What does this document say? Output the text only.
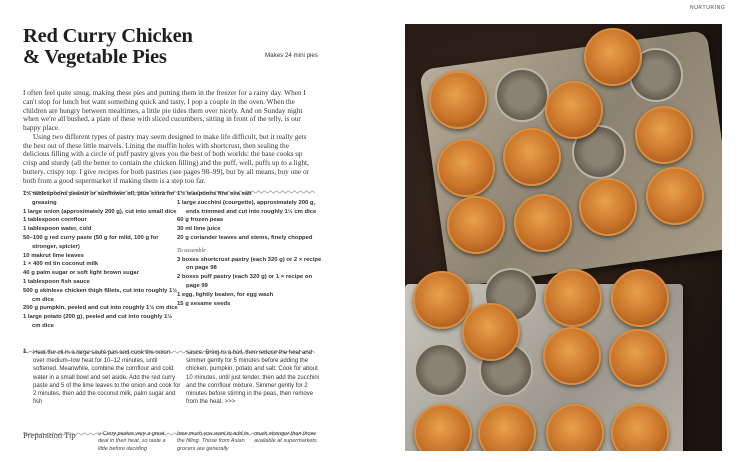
NURTURING
Red Curry Chicken
& Vegetable Pies	Makes 24 mini pies

I often feel quite smug, making these pies and putting them in the freezer for a rainy day. When I can't stop for lunch but want something quick and tasty, I pop a couple in the oven. When the children are hungry between mealtimes, a little pie tides them over nicely. And on Sunday night when we're all bushed, a plate of these with sliced cucumbers, sitting in front of the telly, is our happy place.

Using two different types of pastry may seem designed to make life difficult, but it really gets the best out of these little marvels. Lining the muffin holes with shortcrust, then sealing the delicious filling with a circle of puff pastry gives you the best of both worlds: the base cooks up crisp and sturdy (all the better to contain the chicken filling) and the puff, well, puffs up to a light, buttery, crispy top. I give recipes for both pastries (see pages 98–99), but by all means, buy one or both from a good supermarket if making them is a step too far.

1½ tablespoons peanut or sunflower oil, plus extra for greasing
1 large onion (approximately 200 g), cut into small dice
1 tablespoon cornflour
1 tablespoon water, cold
50–100 g red curry paste (50 g for mild, 100 g for stronger, spicier)
10 makrut lime leaves
1 × 400 ml tin coconut milk
40 g palm sugar or soft light brown sugar
1 tablespoon fish sauce
500 g skinless chicken thigh fillets, cut into roughly 1½ cm dice
200 g pumpkin, peeled and cut into roughly 1½ cm dice
1 large potato (200 g), peeled and cut into roughly 1½ cm dice
1½ teaspoons fine sea salt
1 large zucchini (courgette), approximately 200 g, ends trimmed and cut into roughly 1½ cm dice
60 g frozen peas
30 ml lime juice
20 g coriander leaves and stems, finely chopped
To assemble
3 boxes shortcrust pastry (each 320 g) or 2 × recipe on page 98
2 boxes puff pastry (each 320 g) or 1 × recipe on page 99
1 egg, lightly beaten, for egg wash
15 g sesame seeds
1 Heat the oil in a large sauté pan and cook the onion over medium–low heat for 10–12 minutes, until softened. Meanwhile, combine the cornflour and cold water in a small bowl and set aside. Add the red curry paste and 5 of the lime leaves to the onion and cook for 2 minutes, then add the coconut milk, palm sugar and fish
sauce. Bring to a boil, then reduce the heat and simmer gently for 5 minutes before adding the chicken, pumpkin, potato and salt. Cook for about 10 minutes, until just tender, then add the zucchini and the cornflour mixture. Simmer gently for 2 minutes before stirring in the peas, then remove from the heat. >>>
Preparation Tip	» Curry pastes vary a great deal in their heat, so taste a little before deciding
how much you want to add to the filling. Those from Asian grocers are generally
much stronger than those available at supermarkets.
